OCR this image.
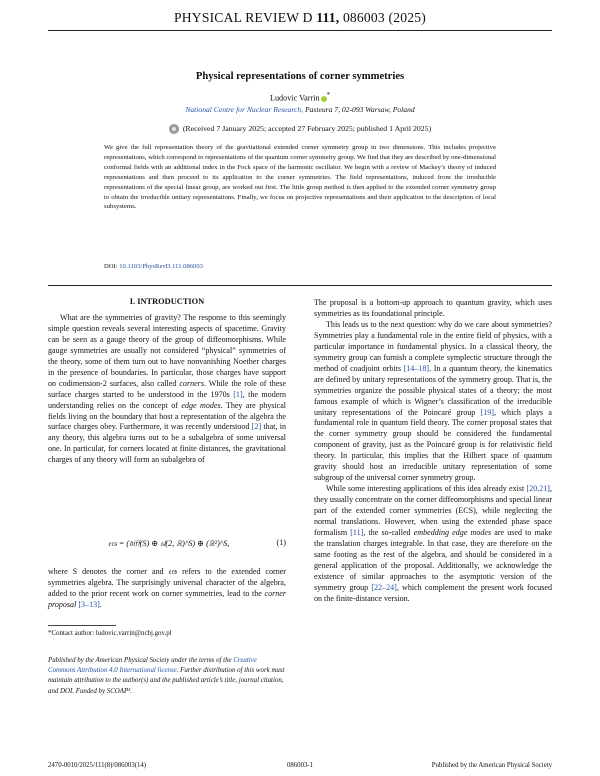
PHYSICAL REVIEW D 111, 086003 (2025)
Physical representations of corner symmetries
Ludovic Varrin *
National Centre for Nuclear Research, Pasteura 7, 02-093 Warsaw, Poland
(Received 7 January 2025; accepted 27 February 2025; published 1 April 2025)
We give the full representation theory of the gravitational extended corner symmetry group in two dimensions. This includes projective representations, which correspond to representations of the quantum corner symmetry group. We find that they are described by one-dimensional conformal fields with an additional index in the Fock space of the harmonic oscillator. We begin with a review of Mackey’s theory of induced representations and then proceed to its application to the corner symmetries. The field representations, induced from the irreducible representations of the special linear group, are worked out first. The little group method is then applied to the extended corner symmetry group to obtain the irreducible unitary representations. Finally, we focus on projective representations and their application to the description of local subsystems.
DOI: 10.1103/PhysRevD.111.086003

I. INTRODUCTION

What are the symmetries of gravity? The response to this seemingly simple question reveals several interesting aspects of spacetime. Gravity can be seen as a gauge theory of the group of diffeomorphisms. While gauge symmetries are usually not considered “physical” symmetries of the theory, some of them turn out to have nonvanishing Noether charges in the presence of boundaries. In particular, those charges have support on codimension-2 surfaces, also called corners. While the role of these surface charges started to be understood in the 1970s [1], the modern understanding relies on the concept of edge modes. They are physical fields living on the boundary that host a representation of the algebra the surface charges obey. Furthermore, it was recently understood [2] that, in any theory, this algebra turns out to be a subalgebra of some universal one. In particular, for corners located at finite distances, the gravitational charges of any theory will form an subalgebra of

𝔢𝔠𝔰 = (𝔡𝔦𝔣𝔣(S) ⊕ 𝔰𝔩(2, ℝ)^S) ⊕ (ℝ²)^S,	(1)

where S denotes the corner and 𝔢𝔠𝔰 refers to the extended corner symmetries algebra. The surprisingly universal character of the algebra, added to the prior recent work on corner symmetries, lead to the corner proposal [3–13].

*Contact author: ludovic.varrin@ncbj.gov.pl
Published by the American Physical Society under the terms of the Creative Commons Attribution 4.0 International license. Further distribution of this work must maintain attribution to the author(s) and the published article’s title, journal citation, and DOI. Funded by SCOAP³.

The proposal is a bottom-up approach to quantum gravity, which uses symmetries as its foundational principle.

This leads us to the next question: why do we care about symmetries? Symmetries play a fundamental role in the entire field of physics, with a particular importance in fundamental physics. In a classical theory, the symmetry group can furnish a complete symplectic structure through the method of coadjoint orbits [14–18]. In a quantum theory, the kinematics are defined by unitary representations of the symmetry group. That is, the symmetries organize the possible physical states of a theory; the most famous example of which is Wigner’s classification of the irreducible unitary representations of the Poincaré group [19], which plays a fundamental role in quantum field theory. The corner proposal states that the corner symmetry group should be considered the fundamental component of gravity, just as the Poincaré group is for relativistic field theory. In particular, this implies that the Hilbert space of quantum gravity should host an irreducible unitary representation of some subgroup of the universal corner symmetry group.

While some interesting applications of this idea already exist [20,21], they usually concentrate on the corner diffeomorphisms and special linear part of the extended corner symmetries (ECS), while neglecting the normal translations. However, when using the extended phase space formalism [11], the so-called embedding edge modes are used to make the translation charges integrable. In that case, they are therefore on the same footing as the rest of the algebra, and should be considered in a general application of the proposal. Additionally, we acknowledge the existence of similar approaches to the asymptotic version of the symmetry group [22–24], which complement the present work focused on the finite-distance version.

2470-0010/2025/111(8)/086003(14)	086003-1	Published by the American Physical Society
